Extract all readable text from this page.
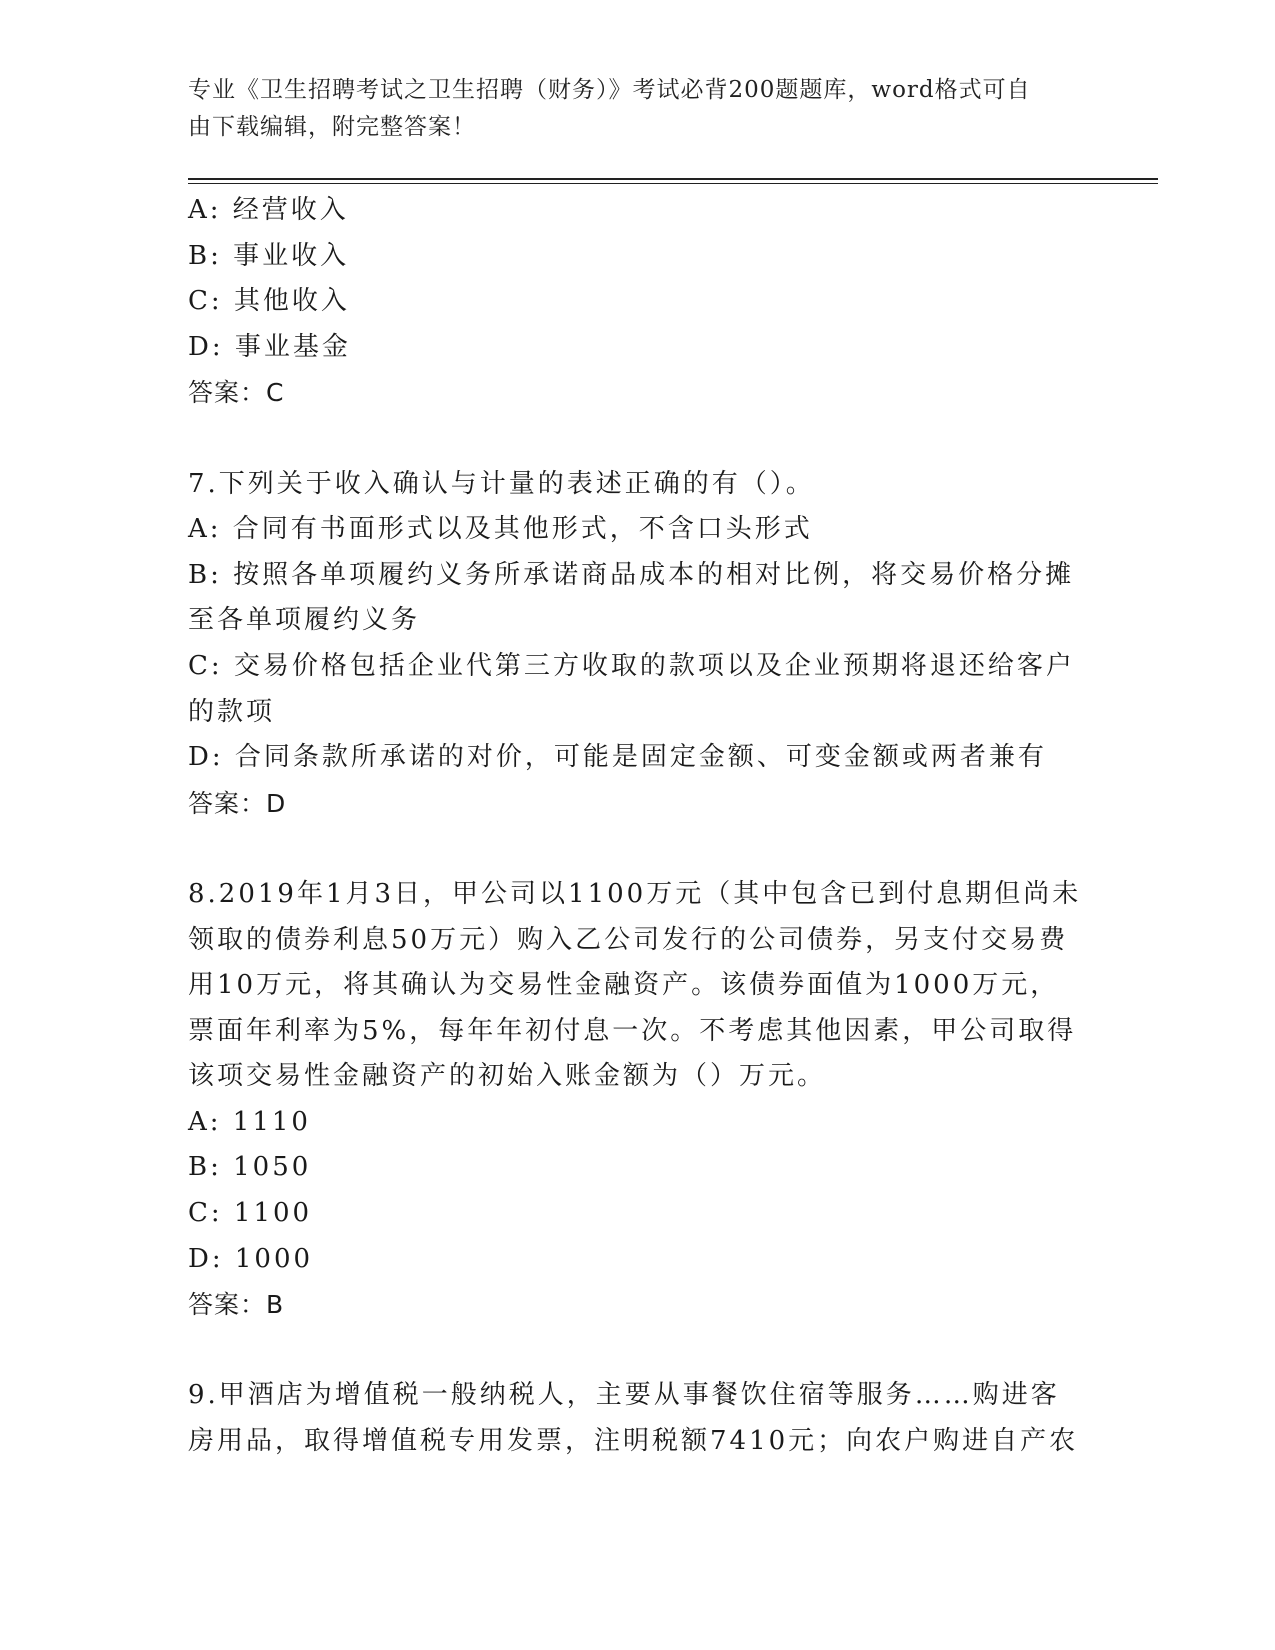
专业《卫生招聘考试之卫生招聘（财务）》考试必背200题题库，word格式可自
由下载编辑，附完整答案！
A: 经营收入
B: 事业收入
C: 其他收入
D: 事业基金
答案：C
7.下列关于收入确认与计量的表述正确的有（）。
A: 合同有书面形式以及其他形式，不含口头形式
B: 按照各单项履约义务所承诺商品成本的相对比例，将交易价格分摊
至各单项履约义务
C: 交易价格包括企业代第三方收取的款项以及企业预期将退还给客户
的款项
D: 合同条款所承诺的对价，可能是固定金额、可变金额或两者兼有
答案：D
8.2019年1月3日，甲公司以1100万元（其中包含已到付息期但尚未
领取的债券利息50万元）购入乙公司发行的公司债券，另支付交易费
用10万元，将其确认为交易性金融资产。该债券面值为1000万元，
票面年利率为5%，每年年初付息一次。不考虑其他因素，甲公司取得
该项交易性金融资产的初始入账金额为（）万元。
A: 1110
B: 1050
C: 1100
D: 1000
答案：B
9.甲酒店为增值税一般纳税人，主要从事餐饮住宿等服务……购进客
房用品，取得增值税专用发票，注明税额7410元；向农户购进自产农
